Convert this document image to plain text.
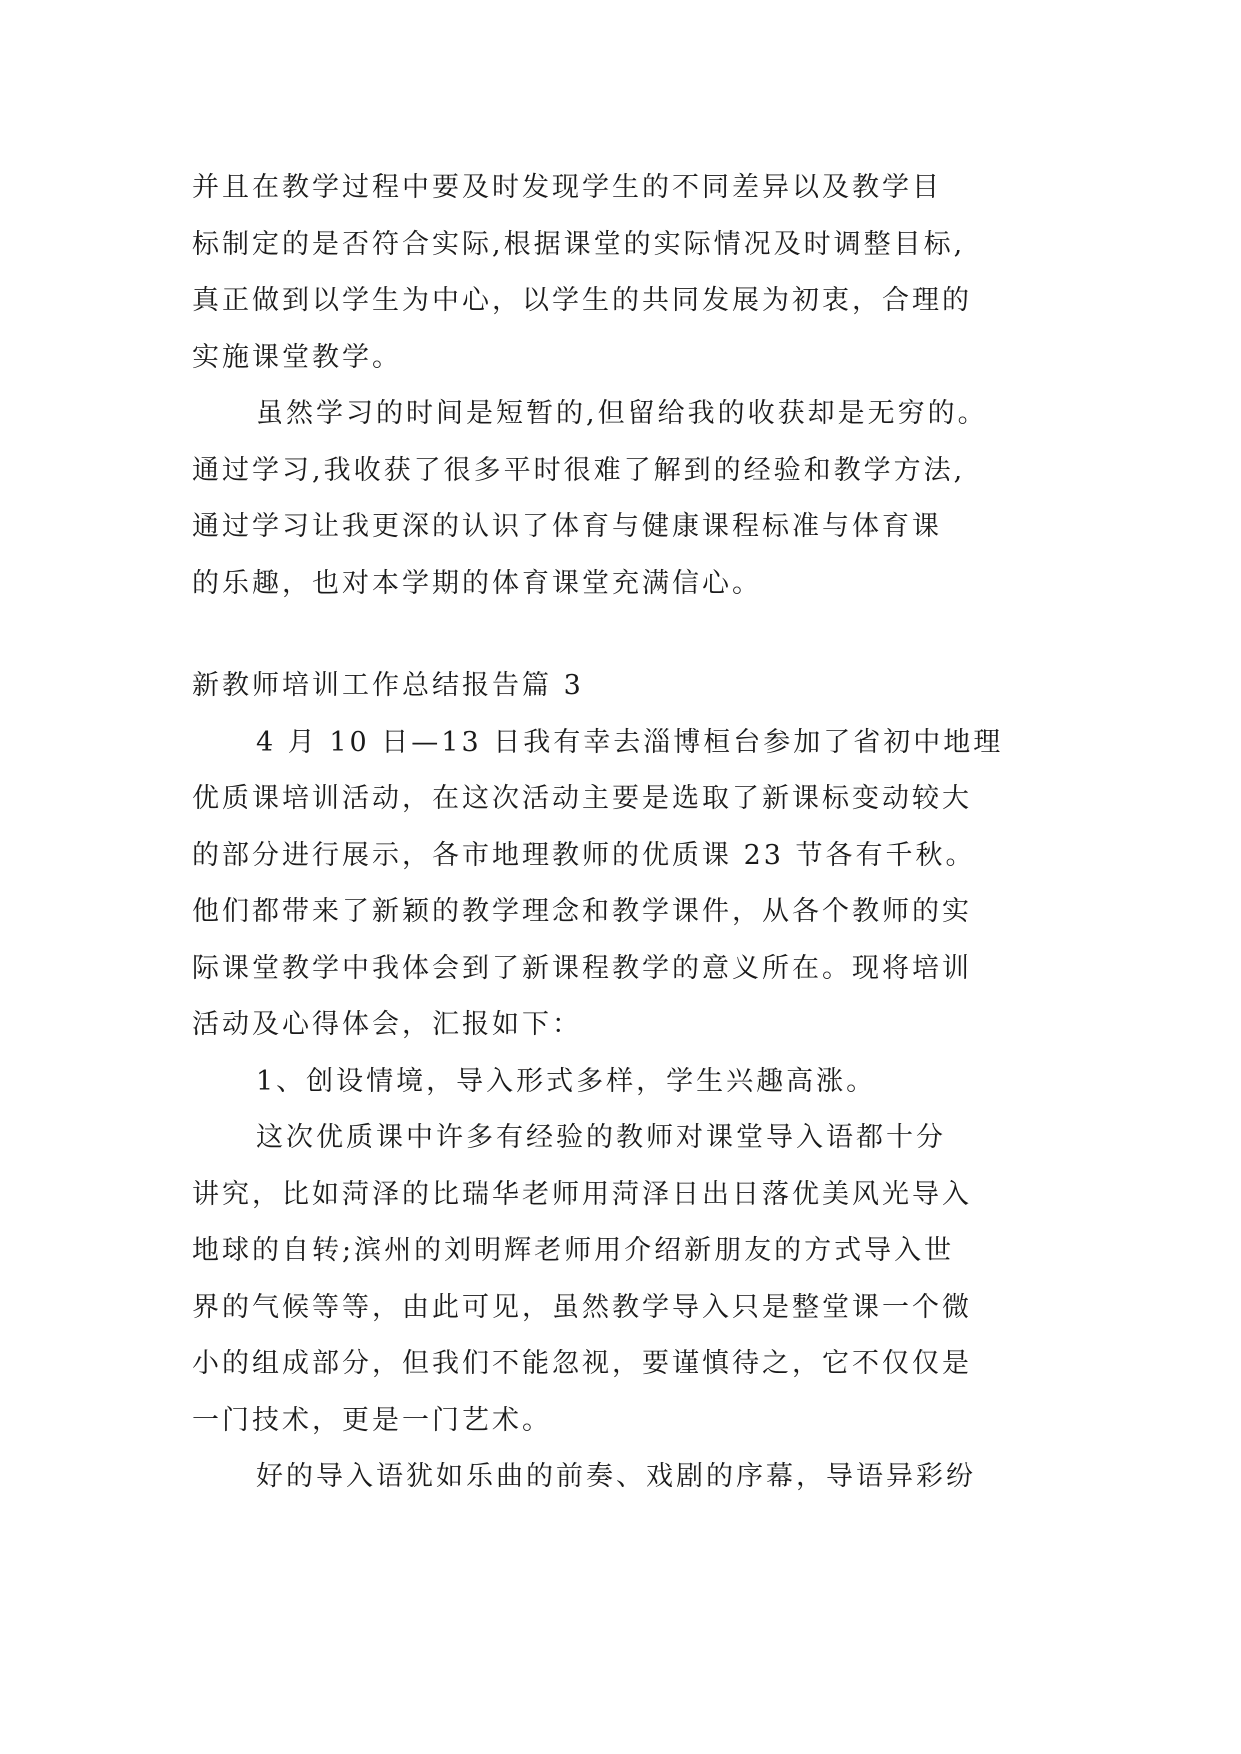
并且在教学过程中要及时发现学生的不同差异以及教学目
标制定的是否符合实际,根据课堂的实际情况及时调整目标,
真正做到以学生为中心，以学生的共同发展为初衷，合理的
实施课堂教学。
虽然学习的时间是短暂的,但留给我的收获却是无穷的。
通过学习,我收获了很多平时很难了解到的经验和教学方法,
通过学习让我更深的认识了体育与健康课程标准与体育课
的乐趣，也对本学期的体育课堂充满信心。
新教师培训工作总结报告篇 3
4 月 10 日—13 日我有幸去淄博桓台参加了省初中地理
优质课培训活动，在这次活动主要是选取了新课标变动较大
的部分进行展示，各市地理教师的优质课 23 节各有千秋。
他们都带来了新颖的教学理念和教学课件，从各个教师的实
际课堂教学中我体会到了新课程教学的意义所在。现将培训
活动及心得体会，汇报如下：
1、创设情境，导入形式多样，学生兴趣高涨。
这次优质课中许多有经验的教师对课堂导入语都十分
讲究，比如菏泽的比瑞华老师用菏泽日出日落优美风光导入
地球的自转;滨州的刘明辉老师用介绍新朋友的方式导入世
界的气候等等，由此可见，虽然教学导入只是整堂课一个微
小的组成部分，但我们不能忽视，要谨慎待之，它不仅仅是
一门技术，更是一门艺术。
好的导入语犹如乐曲的前奏、戏剧的序幕，导语异彩纷
